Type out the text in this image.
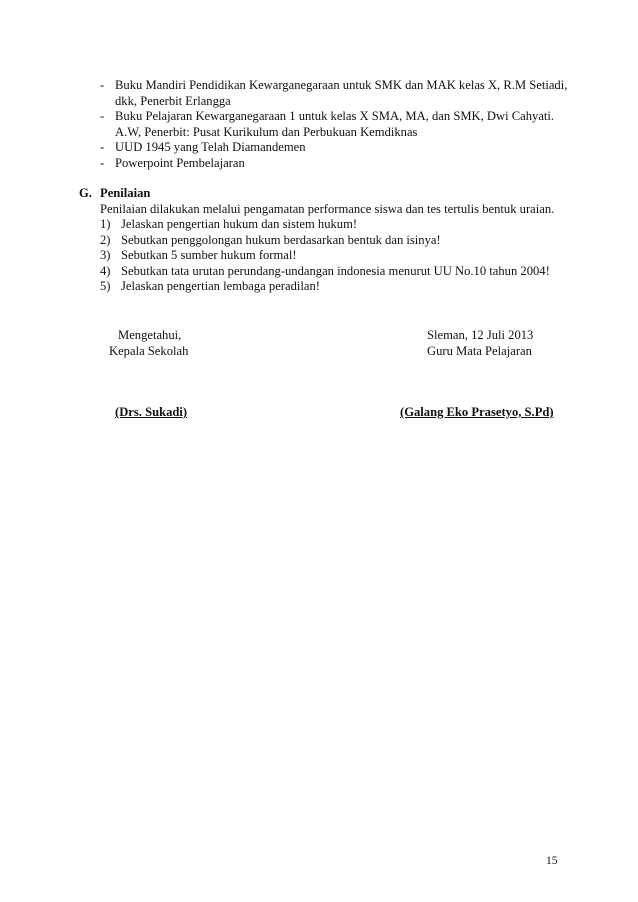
- Buku Mandiri Pendidikan Kewarganegaraan untuk SMK dan MAK kelas X, R.M Setiadi, dkk, Penerbit Erlangga
- Buku Pelajaran Kewarganegaraan 1 untuk kelas X SMA, MA, dan SMK, Dwi Cahyati. A.W, Penerbit: Pusat Kurikulum dan Perbukuan Kemdiknas
- UUD 1945 yang Telah Diamandemen
- Powerpoint Pembelajaran
G. Penilaian

Penilaian dilakukan melalui pengamatan performance siswa dan tes tertulis bentuk uraian.

1) Jelaskan pengertian hukum dan sistem hukum!
2) Sebutkan penggolongan hukum berdasarkan bentuk dan isinya!
3) Sebutkan 5 sumber hukum formal!
4) Sebutkan tata urutan perundang-undangan indonesia menurut UU No.10 tahun 2004!
5) Jelaskan pengertian lembaga peradilan!
Mengetahui,
Kepala Sekolah
Sleman, 12 Juli 2013
Guru Mata Pelajaran
(Drs. Sukadi)	(Galang Eko Prasetyo, S.Pd)
15
